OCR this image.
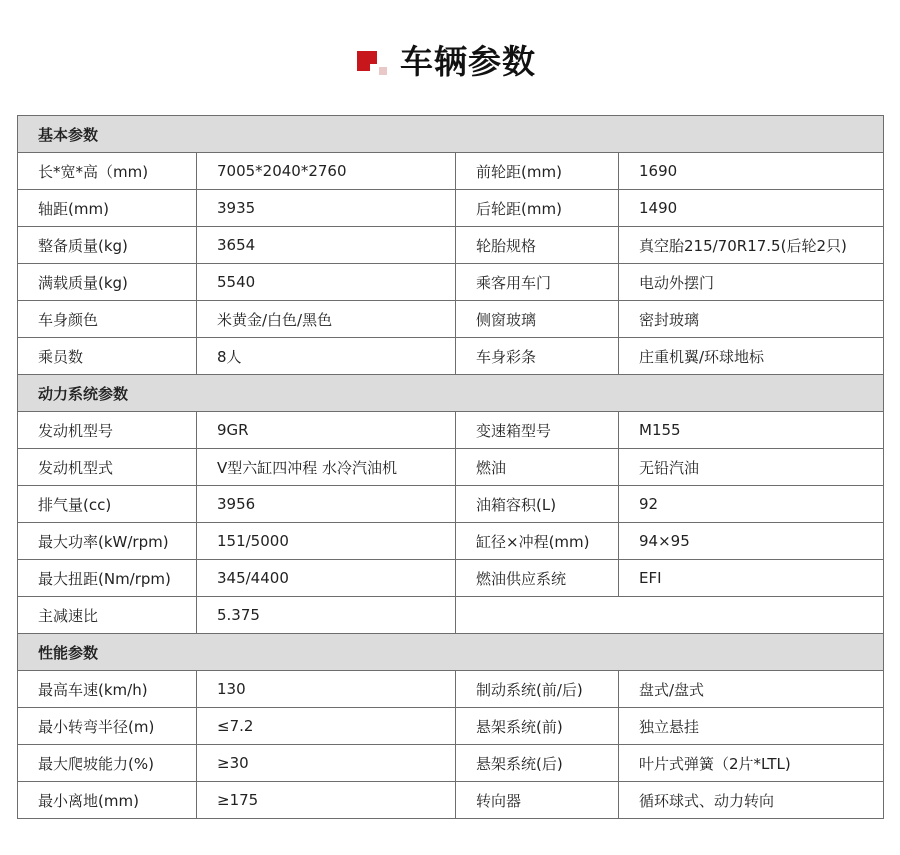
车辆参数
基本参数			
长*宽*高（mm)	7005*2040*2760	前轮距(mm)	1690
轴距(mm)	3935	后轮距(mm)	1490
整备质量(kg)	3654	轮胎规格	真空胎215/70R17.5(后轮2只)
满载质量(kg)	5540	乘客用车门	电动外摆门
车身颜色	米黄金/白色/黑色	侧窗玻璃	密封玻璃
乘员数	8人	车身彩条	庄重机翼/环球地标
动力系统参数			
发动机型号	9GR	变速箱型号	M155
发动机型式	V型六缸四冲程 水冷汽油机	燃油	无铅汽油
排气量(cc)	3956	油箱容积(L)	92
最大功率(kW/rpm)	151/5000	缸径×冲程(mm)	94×95
最大扭距(Nm/rpm)	345/4400	燃油供应系统	EFI
主减速比	5.375		
性能参数			
最高车速(km/h)	130	制动系统(前/后)	盘式/盘式
最小转弯半径(m)	≤7.2	悬架系统(前)	独立悬挂
最大爬坡能力(%)	≥30	悬架系统(后)	叶片式弹簧（2片*LTL)
最小离地(mm)	≥175	转向器	循环球式、动力转向
